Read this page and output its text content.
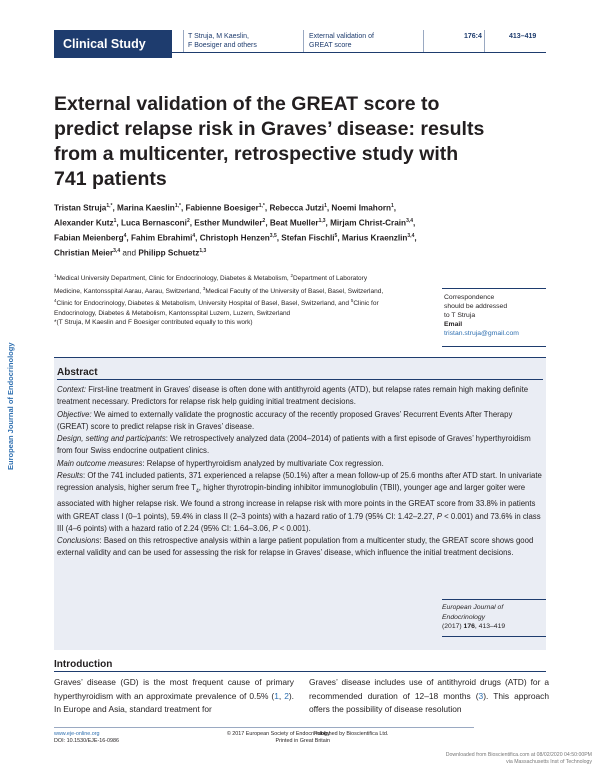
Clinical Study
T Struja, M Kaeslin,
F Boesiger and others
External validation of
GREAT score
176:4	413–419
External validation of the GREAT score to
predict relapse risk in Graves’ disease: results
from a multicenter, retrospective study with
741 patients
Tristan Struja$^{1,*}$, Marina Kaeslin$^{1,*}$, Fabienne Boesiger$^{1,*}$, Rebecca Jutzi$^1$, Noemi Imahorn$^1$, Alexander Kutz$^1$, Luca Bernasconi$^2$, Esther Mundwiler$^2$, Beat Mueller$^{1,3}$, Mirjam Christ-Crain$^{3,4}$, Fabian Meienberg$^4$, Fahim Ebrahimi$^4$, Christoph Henzen$^{3,5}$, Stefan Fischli$^5$, Marius Kraenzlin$^{3,4}$, Christian Meier$^{3,4}$ and Philipp Schuetz$^{1,3}$
$^1$Medical University Department, Clinic for Endocrinology, Diabetes & Metabolism, $^2$Department of Laboratory Medicine, Kantonsspital Aarau, Aarau, Switzerland, $^3$Medical Faculty of the University of Basel, Basel, Switzerland, $^4$Clinic for Endocrinology, Diabetes & Metabolism, University Hospital of Basel, Basel, Switzerland, and $^5$Clinic for Endocrinology, Diabetes & Metabolism, Kantonsspital Luzern, Luzern, Switzerland
*(T Struja, M Kaeslin and F Boesiger contributed equally to this work)
Correspondence
should be addressed
to T Struja
Email
tristan.struja@gmail.com
European Journal of Endocrinology	Abstract

Context: First-line treatment in Graves’ disease is often done with antithyroid agents (ATD), but relapse rates remain high making definite treatment necessary. Predictors for relapse risk help guiding initial treatment decisions.

Objective: We aimed to externally validate the prognostic accuracy of the recently proposed Graves’ Recurrent Events After Therapy (GREAT) score to predict relapse risk in Graves’ disease.

Design, setting and participants: We retrospectively analyzed data (2004–2014) of patients with a first episode of Graves’ hyperthyroidism from four Swiss endocrine outpatient clinics.

Main outcome measures: Relapse of hyperthyroidism analyzed by multivariate Cox regression.

Results: Of the 741 included patients, 371 experienced a relapse (50.1%) after a mean follow-up of 25.6 months after ATD start. In univariate regression analysis, higher serum free $T_4$, higher thyrotropin-binding inhibitor immunoglobulin (TBII), younger age and larger goiter were associated with higher relapse risk. We found a strong increase in relapse risk with more points in the GREAT score from 33.8% in patients with GREAT class I (0–1 points), 59.4% in class II (2–3 points) with a hazard ratio of 1.79 (95% CI: 1.42–2.27, P < 0.001) and 73.6% in class III (4–6 points) with a hazard ratio of 2.24 (95% CI: 1.64–3.06, P < 0.001).

Conclusions: Based on this retrospective analysis within a large patient population from a multicenter study, the GREAT score shows good external validity and can be used for assessing the risk for relapse in Graves’ disease, which influence the initial treatment decisions.

European Journal of
Endocrinology
(2017) 176, 413–419
Introduction
Graves’ disease (GD) is the most frequent cause of primary hyperthyroidism with an approximate prevalence of 0.5% (1, 2). In Europe and Asia, standard treatment for
Graves’ disease includes use of antithyroid drugs (ATD) for a recommended duration of 12–18 months (3). This approach offers the possibility of disease resolution
www.eje-online.org
DOI: 10.1530/EJE-16-0986
© 2017 European Society of Endocrinology
Printed in Great Britain
Published by Bioscientifica Ltd.
Downloaded from Bioscientifica.com at 08/02/2020 04:50:00PM
via Massachusetts Inst of Technology
